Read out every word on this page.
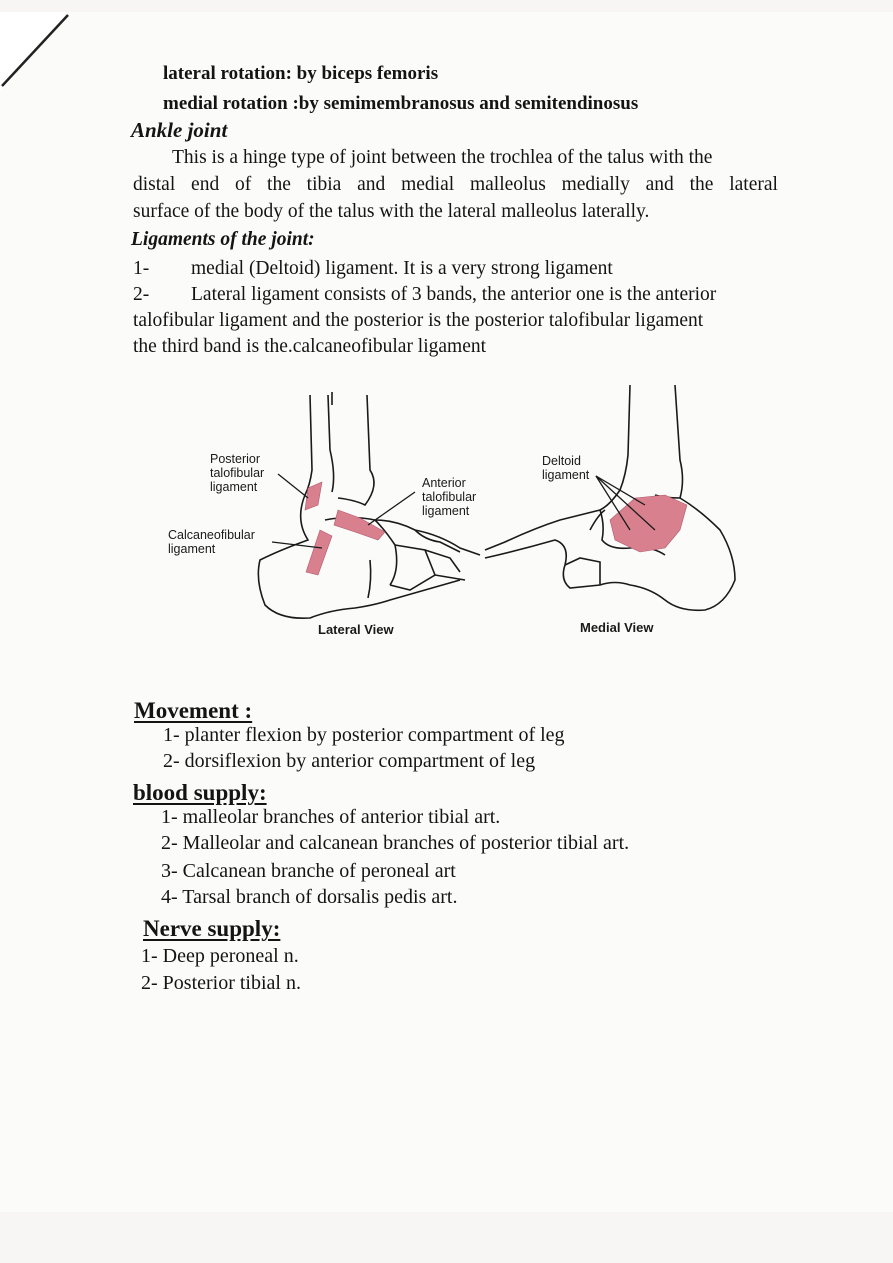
lateral rotation: by biceps femoris
medial rotation :by semimembranosus and semitendinosus
Ankle joint
This is a hinge type of joint between the trochlea of the talus with the
distal end of the tibia and medial malleolus medially and the lateral
surface of the body of the talus with the lateral malleolus laterally.
Ligaments of the joint:
1- medial (Deltoid) ligament. It is a very strong ligament
2- Lateral ligament consists of 3 bands, the anterior one is the anterior
talofibular ligament and the posterior is the posterior talofibular ligament
the third band is the.calcaneofibular ligament
Posterior
talofibular
ligament	Anterior
talofibular
ligament
Calcaneofibular
ligament
Deltoid
ligament
Lateral View	Medial View
Movement :
1- planter flexion by posterior compartment of leg
2- dorsiflexion by anterior compartment of leg
blood supply:
1- malleolar branches of anterior tibial art.
2- Malleolar and calcanean branches of posterior tibial art.
3- Calcanean branche of peroneal art
4- Tarsal branch of dorsalis pedis art.
Nerve supply:
1- Deep peroneal n.
2- Posterior tibial n.
